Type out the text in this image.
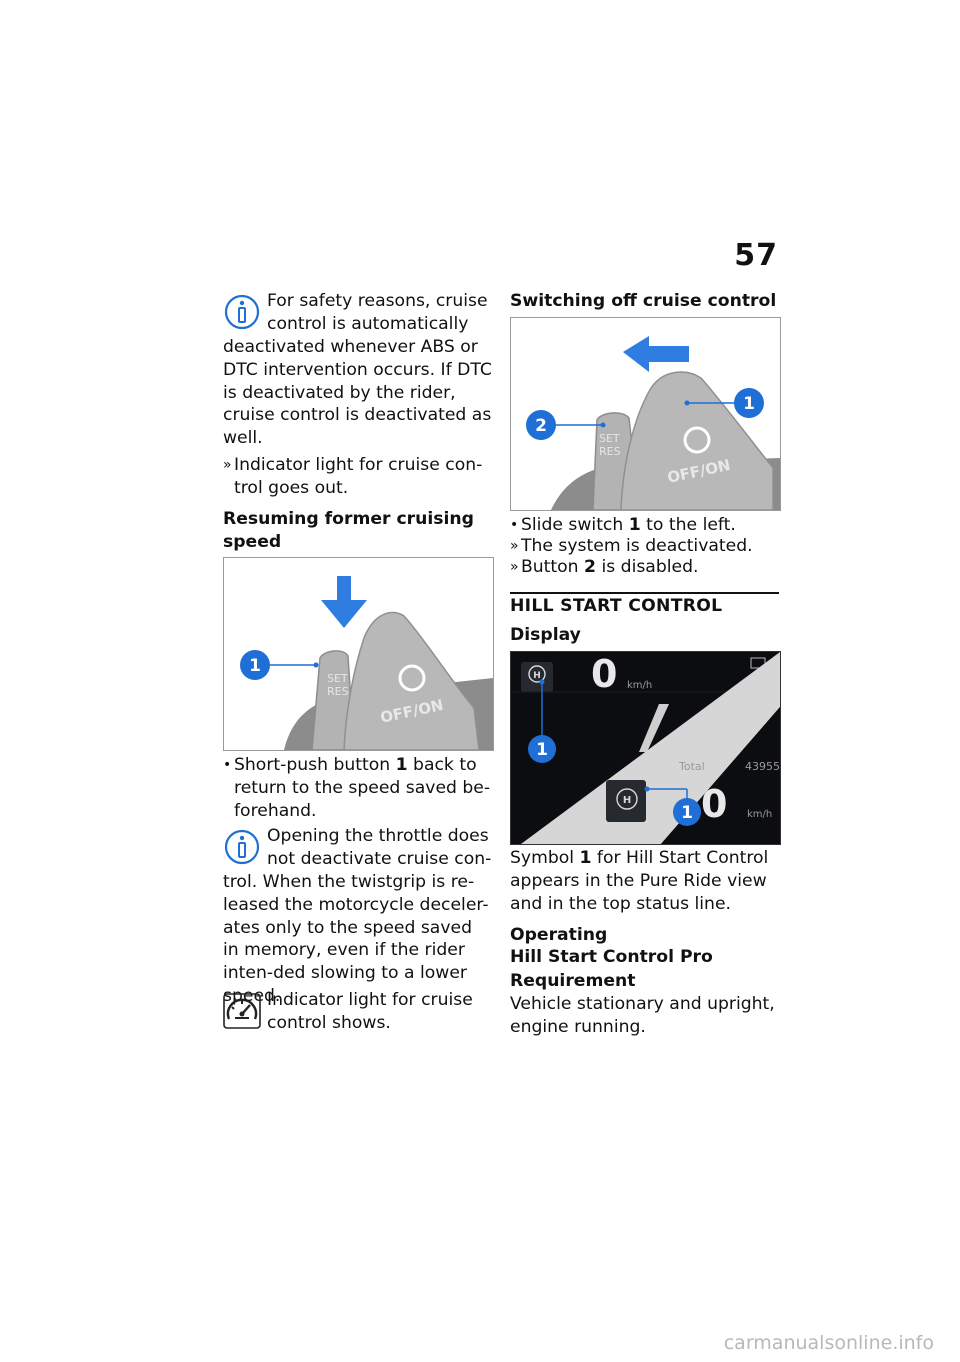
57

For safety reasons, cruise

control is automatically

deactivated whenever ABS or DTC intervention occurs. If DTC is deactivated by the rider, cruise control is deactivated as well.
» Indicator light for cruise con-trol goes out.
Resuming former cruising speed
1
SET
RES
OFF/ON
• Short-push button 1 back to return to the speed saved be-forehand.

Opening the throttle does

not deactivate cruise con-

trol. When the twistgrip is re-leased the motorcycle deceler-ates only to the speed saved in memory, even if the rider inten-ded slowing to a lower speed.
Indicator light for cruise control shows.
Switching off cruise control
2
1
SET
RES
OFF/ON
• Slide switch 1 to the left.
» The system is deactivated.
» Button 2 is disabled.
HILL START CONTROL
Display
H 0 km/h
H
Total	43955
0 km/h
1
1
Symbol 1 for Hill Start Control appears in the Pure Ride view and in the top status line.
Operating
Hill Start Control Pro
Requirement
Vehicle stationary and upright, engine running.
carmanualsonline.info
